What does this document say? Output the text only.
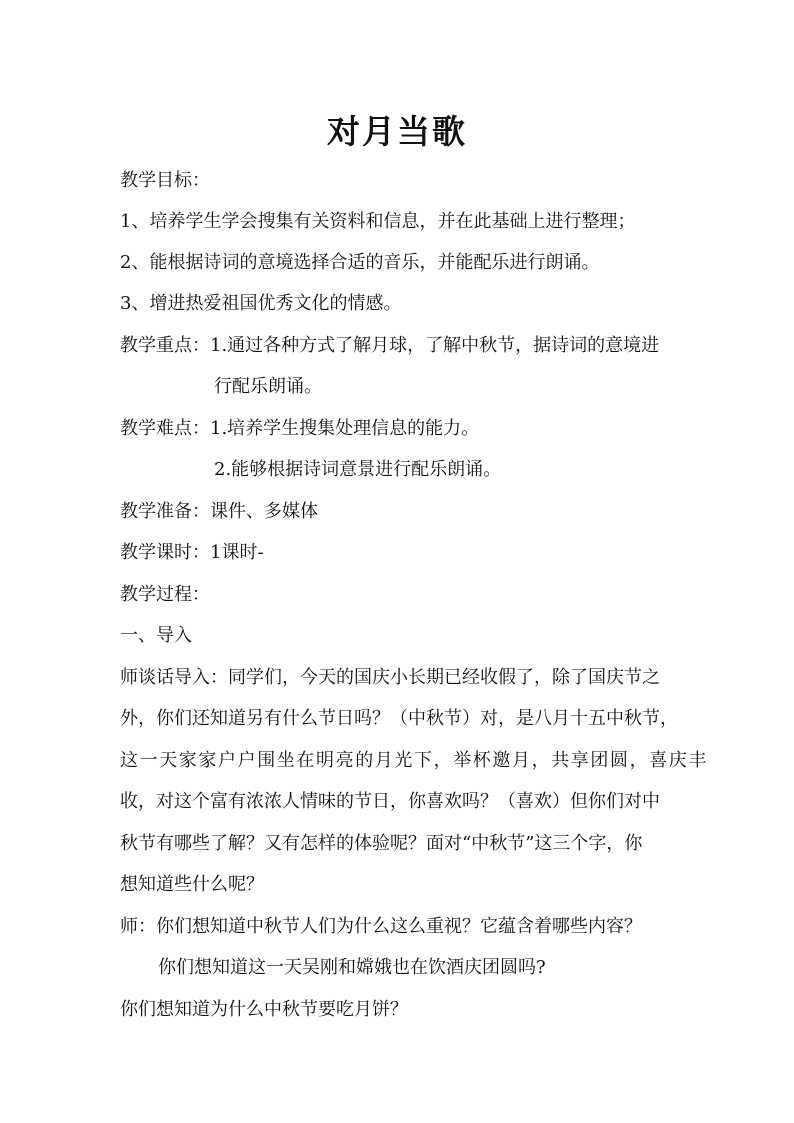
对月当歌
教学目标：
1、培养学生学会搜集有关资料和信息，并在此基础上进行整理；
2、能根据诗词的意境选择合适的音乐，并能配乐进行朗诵。
3、增进热爱祖国优秀文化的情感。
教学重点：1.通过各种方式了解月球，了解中秋节，据诗词的意境进
行配乐朗诵。
教学难点：1.培养学生搜集处理信息的能力。
2.能够根据诗词意景进行配乐朗诵。
教学准备：课件、多媒体
教学课时：1课时-
教学过程：
一、导入
师谈话导入：同学们，今天的国庆小长期已经收假了，除了国庆节之
外，你们还知道另有什么节日吗？（中秋节）对，是八月十五中秋节，
这一天家家户户围坐在明亮的月光下，举杯邀月，共享团圆，喜庆丰
收，对这个富有浓浓人情味的节日，你喜欢吗？（喜欢）但你们对中
秋节有哪些了解？又有怎样的体验呢？面对“中秋节”这三个字，你
想知道些什么呢？
师：你们想知道中秋节人们为什么这么重视？它蕴含着哪些内容？
你们想知道这一天吴刚和嫦娥也在饮酒庆团圆吗?
你们想知道为什么中秋节要吃月饼？
